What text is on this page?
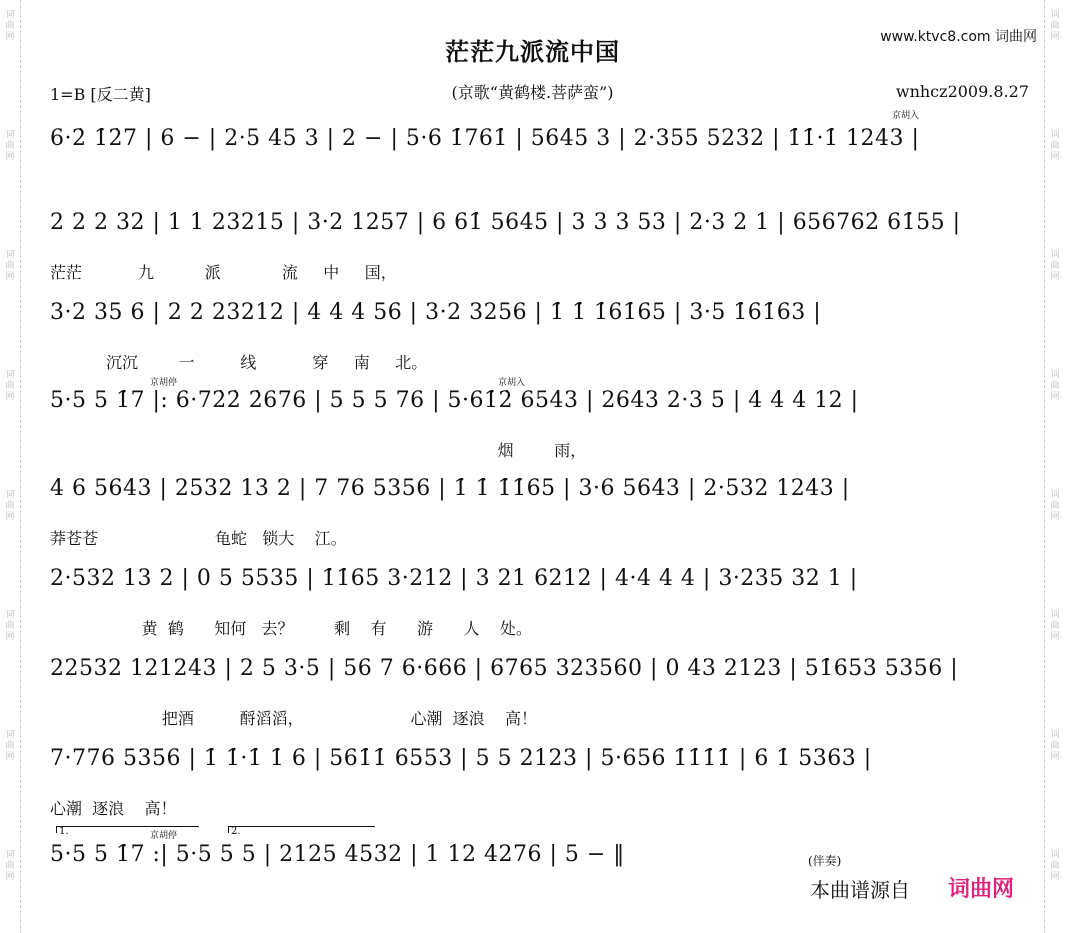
词
曲
网
词
曲
网
词
曲
网
词
曲
网
词
曲
网
词
曲
网
词
曲
网
词
曲
网
词
曲
网
词
曲
网
词
曲
网
词
曲
网
词
曲
网
词
曲
网
词
曲
网
词
曲
网
茫茫九派流中国	www.ktvc8.com 词曲网
1=B [反二黄]	(京歌“黄鹤楼.菩萨蛮”)	wnhcz2009.8.27
6·2̇ 1̇2̇7 | 6 − | 2·5 45 3 | 2 − | 5·6 1̇761̇ | 5645 3 | 2·355 5232 | 1̇1̇·1̇ 1243 |
2 2 2 32 | 1 1 23215 | 3·2 1257 | 6 61̇ 5645 | 3 3 3 53 | 2·3 2 1 | 656762̇ 61̇55 |
茫茫           九          派            流     中     国，
3·2 35 6 | 2 2 23212 | 4 4 4 56 | 3·2 3256 | 1̇ 1̇ 1̇61̇65 | 3·5 1̇61̇63 |
沉沉        一         线           穿     南     北。
5·5 5 1̇7 |: 6·72̇2̇ 2̇676 | 5 5 5 76 | 5·61̇2̇ 6543 | 2643 2·3 5 | 4 4 4 12 |
烟        雨，
4 6 5643 | 2532 13 2 | 7 76 5356 | 1̇ 1̇ 1̇1̇65 | 3·6 5643 | 2·532 1243 |
莽苍苍                       龟蛇   锁大    江。
2·532 13 2 | 0 5 5535 | 1̇1̇65 3·212 | 3 21 6212 | 4·4 4 4 | 3·235 32 1 |
黄  鹤      知何   去？        剩    有      游      人    处。
22532 121243 | 2 5 3·5 | 56 7 6·666 | 6765 323560 | 0 43 2123 | 51̇653 5356 |
把酒         酹滔滔，                     心潮  逐浪    高！
7·776 5356 | 1̇ 1̇·1̇ 1̇ 6 | 561̇1̇ 6553 | 5 5 2123 | 5·656 1̇1̇1̇1̇ | 6 1̇ 5363 |
心潮  逐浪    高！
5·5 5 1̇7 :| 5·5 5 5 | 2125 4532 | 1 12 4276 | 5 − ‖
京胡入
京胡停	京胡入
京胡停
1.	2.
(伴奏)
本曲谱源自 词曲网
